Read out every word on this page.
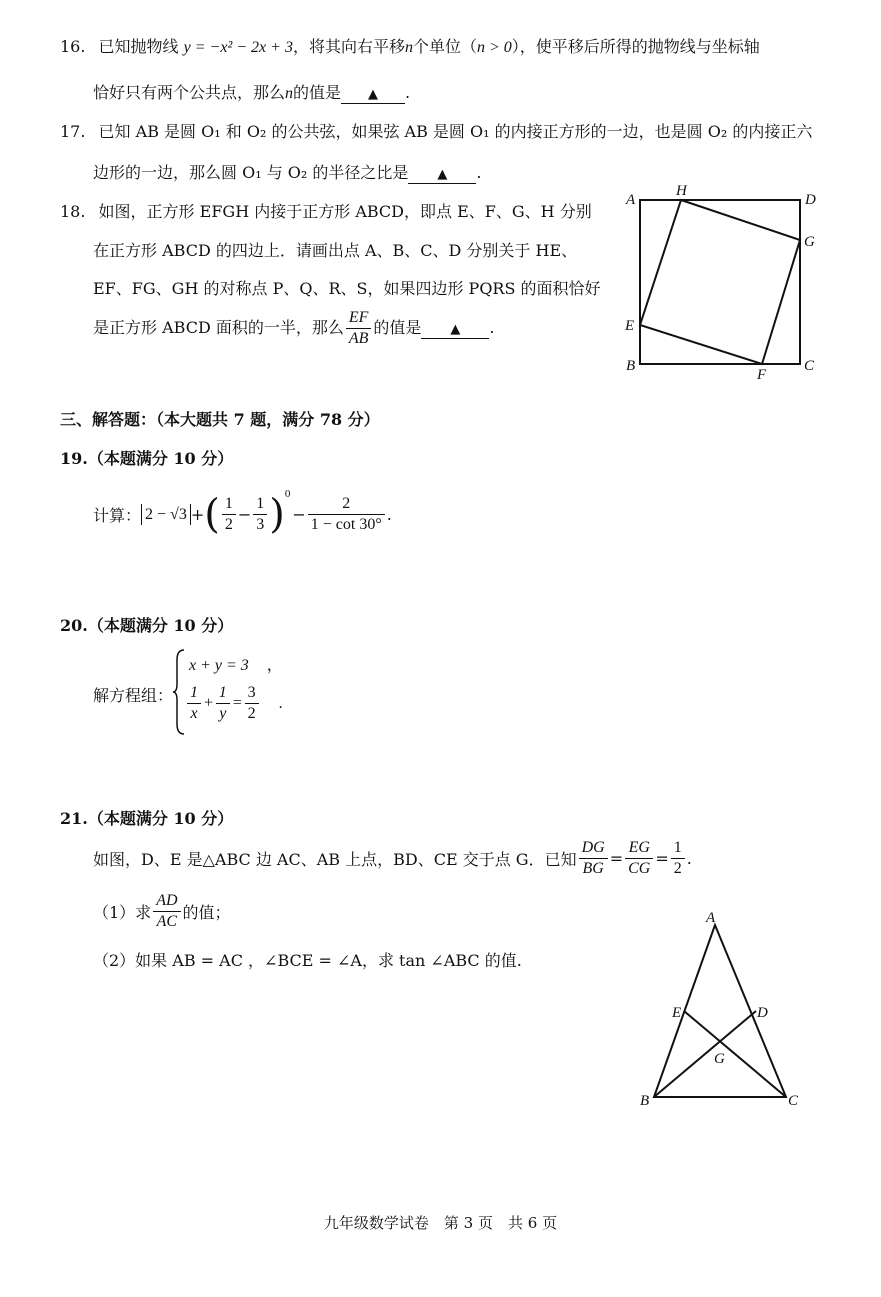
16. 已知抛物线 y = −x² − 2x + 3，将其向右平移n个单位（n > 0），使平移后所得的抛物线与坐标轴
恰好只有两个公共点，那么n的值是 ▲ .
17. 已知 AB 是圆 O₁ 和 O₂ 的公共弦，如果弦 AB 是圆 O₁ 的内接正方形的一边，也是圆 O₂ 的内接正六
边形的一边，那么圆 O₁ 与 O₂ 的半径之比是 ▲ .
18. 如图，正方形 EFGH 内接于正方形 ABCD，即点 E、F、G、H 分别
在正方形 ABCD 的四边上．请画出点 A、B、C、D 分别关于 HE、
EF、FG、GH 的对称点 P、Q、R、S，如果四边形 PQRS 的面积恰好
是正方形 ABCD 面积的一半，那么 $\frac{EF}{AB}$ 的值是 ▲ .
A
H
D
G
E
B
F
C
三、解答题：（本大题共 7 题，满分 78 分）
19.（本题满分 10 分）
计算： 2 − √3 +( $\frac{1}{2} - \frac{1}{3} )^0- \frac{2}{1 - \cot 30^\circ}$ .
20.（本题满分 10 分）
解方程组：
x + y = 3 ，
$\frac{1}{x} + \frac{1}{y} = \frac{3}{2}$ .
21.（本题满分 10 分）
如图，D、E 是△ABC 边 AC、AB 上点，BD、CE 交于点 G．已知 $\frac{DG}{BG} = \frac{EG}{CG} = \frac{1}{2}$ .
（1）求 $\frac{AD}{AC}$ 的值；
（2）如果 AB = AC ，∠BCE = ∠A，求 tan ∠ABC 的值.
A
E	D
G
B	C
九年级数学试卷　第 3 页　共 6 页
